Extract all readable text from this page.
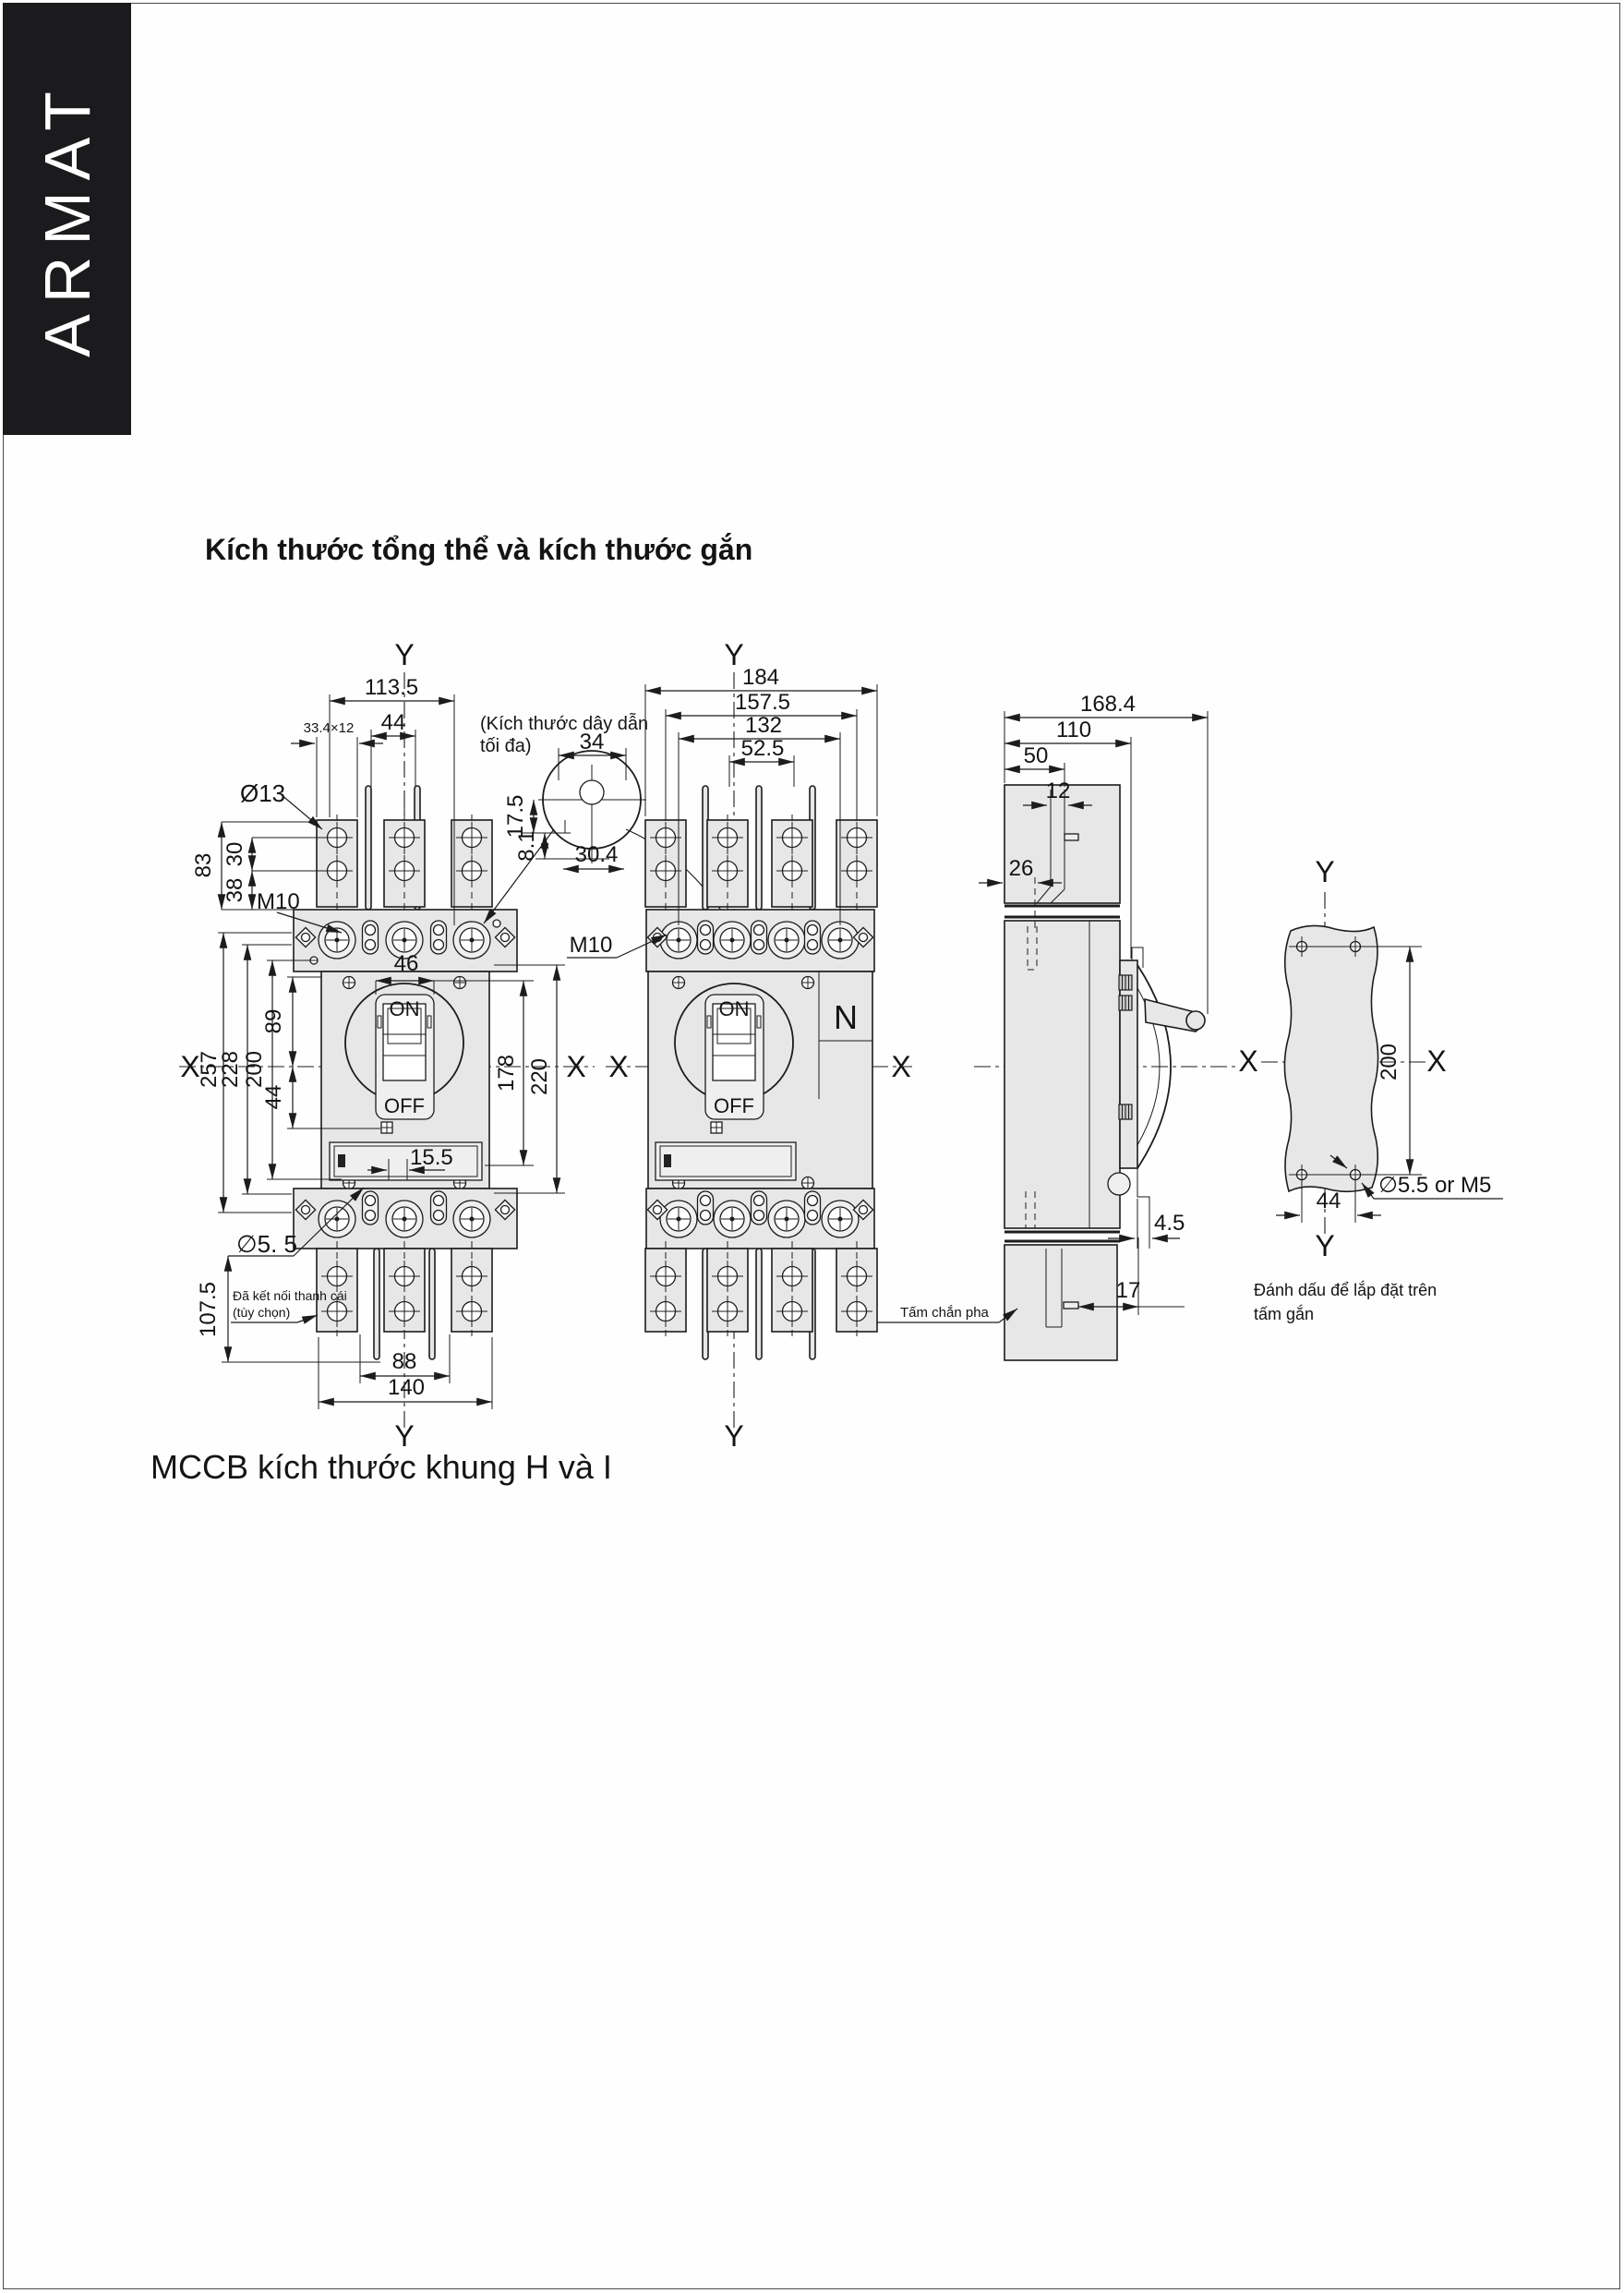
ARMAT
Kích thước tổng thể và kích thước gắn
MCCB kích thước khung H và I
Y
Y
X	X
113.5
44
33.4×12
Ø13
83 30
38 M10
46
ON
OFF
89
44
200
228
257	178 220
15.5
∅5. 5
107.5 Đã kết nối thanh cái
(tùy chọn)
88
140
(Kích thước dây dẫn
tối đa) 34
17.5
8.1 30.4
Y
Y
X	X
184
157.5
132
52.5
M10
ON
OFF
N
168.4
110
50
12
26
4.5
17
Tấm chắn pha
Y
Y
X	X
200
∅5.5 or M5
44
Đánh dấu để lắp đặt trên
tấm gắn
